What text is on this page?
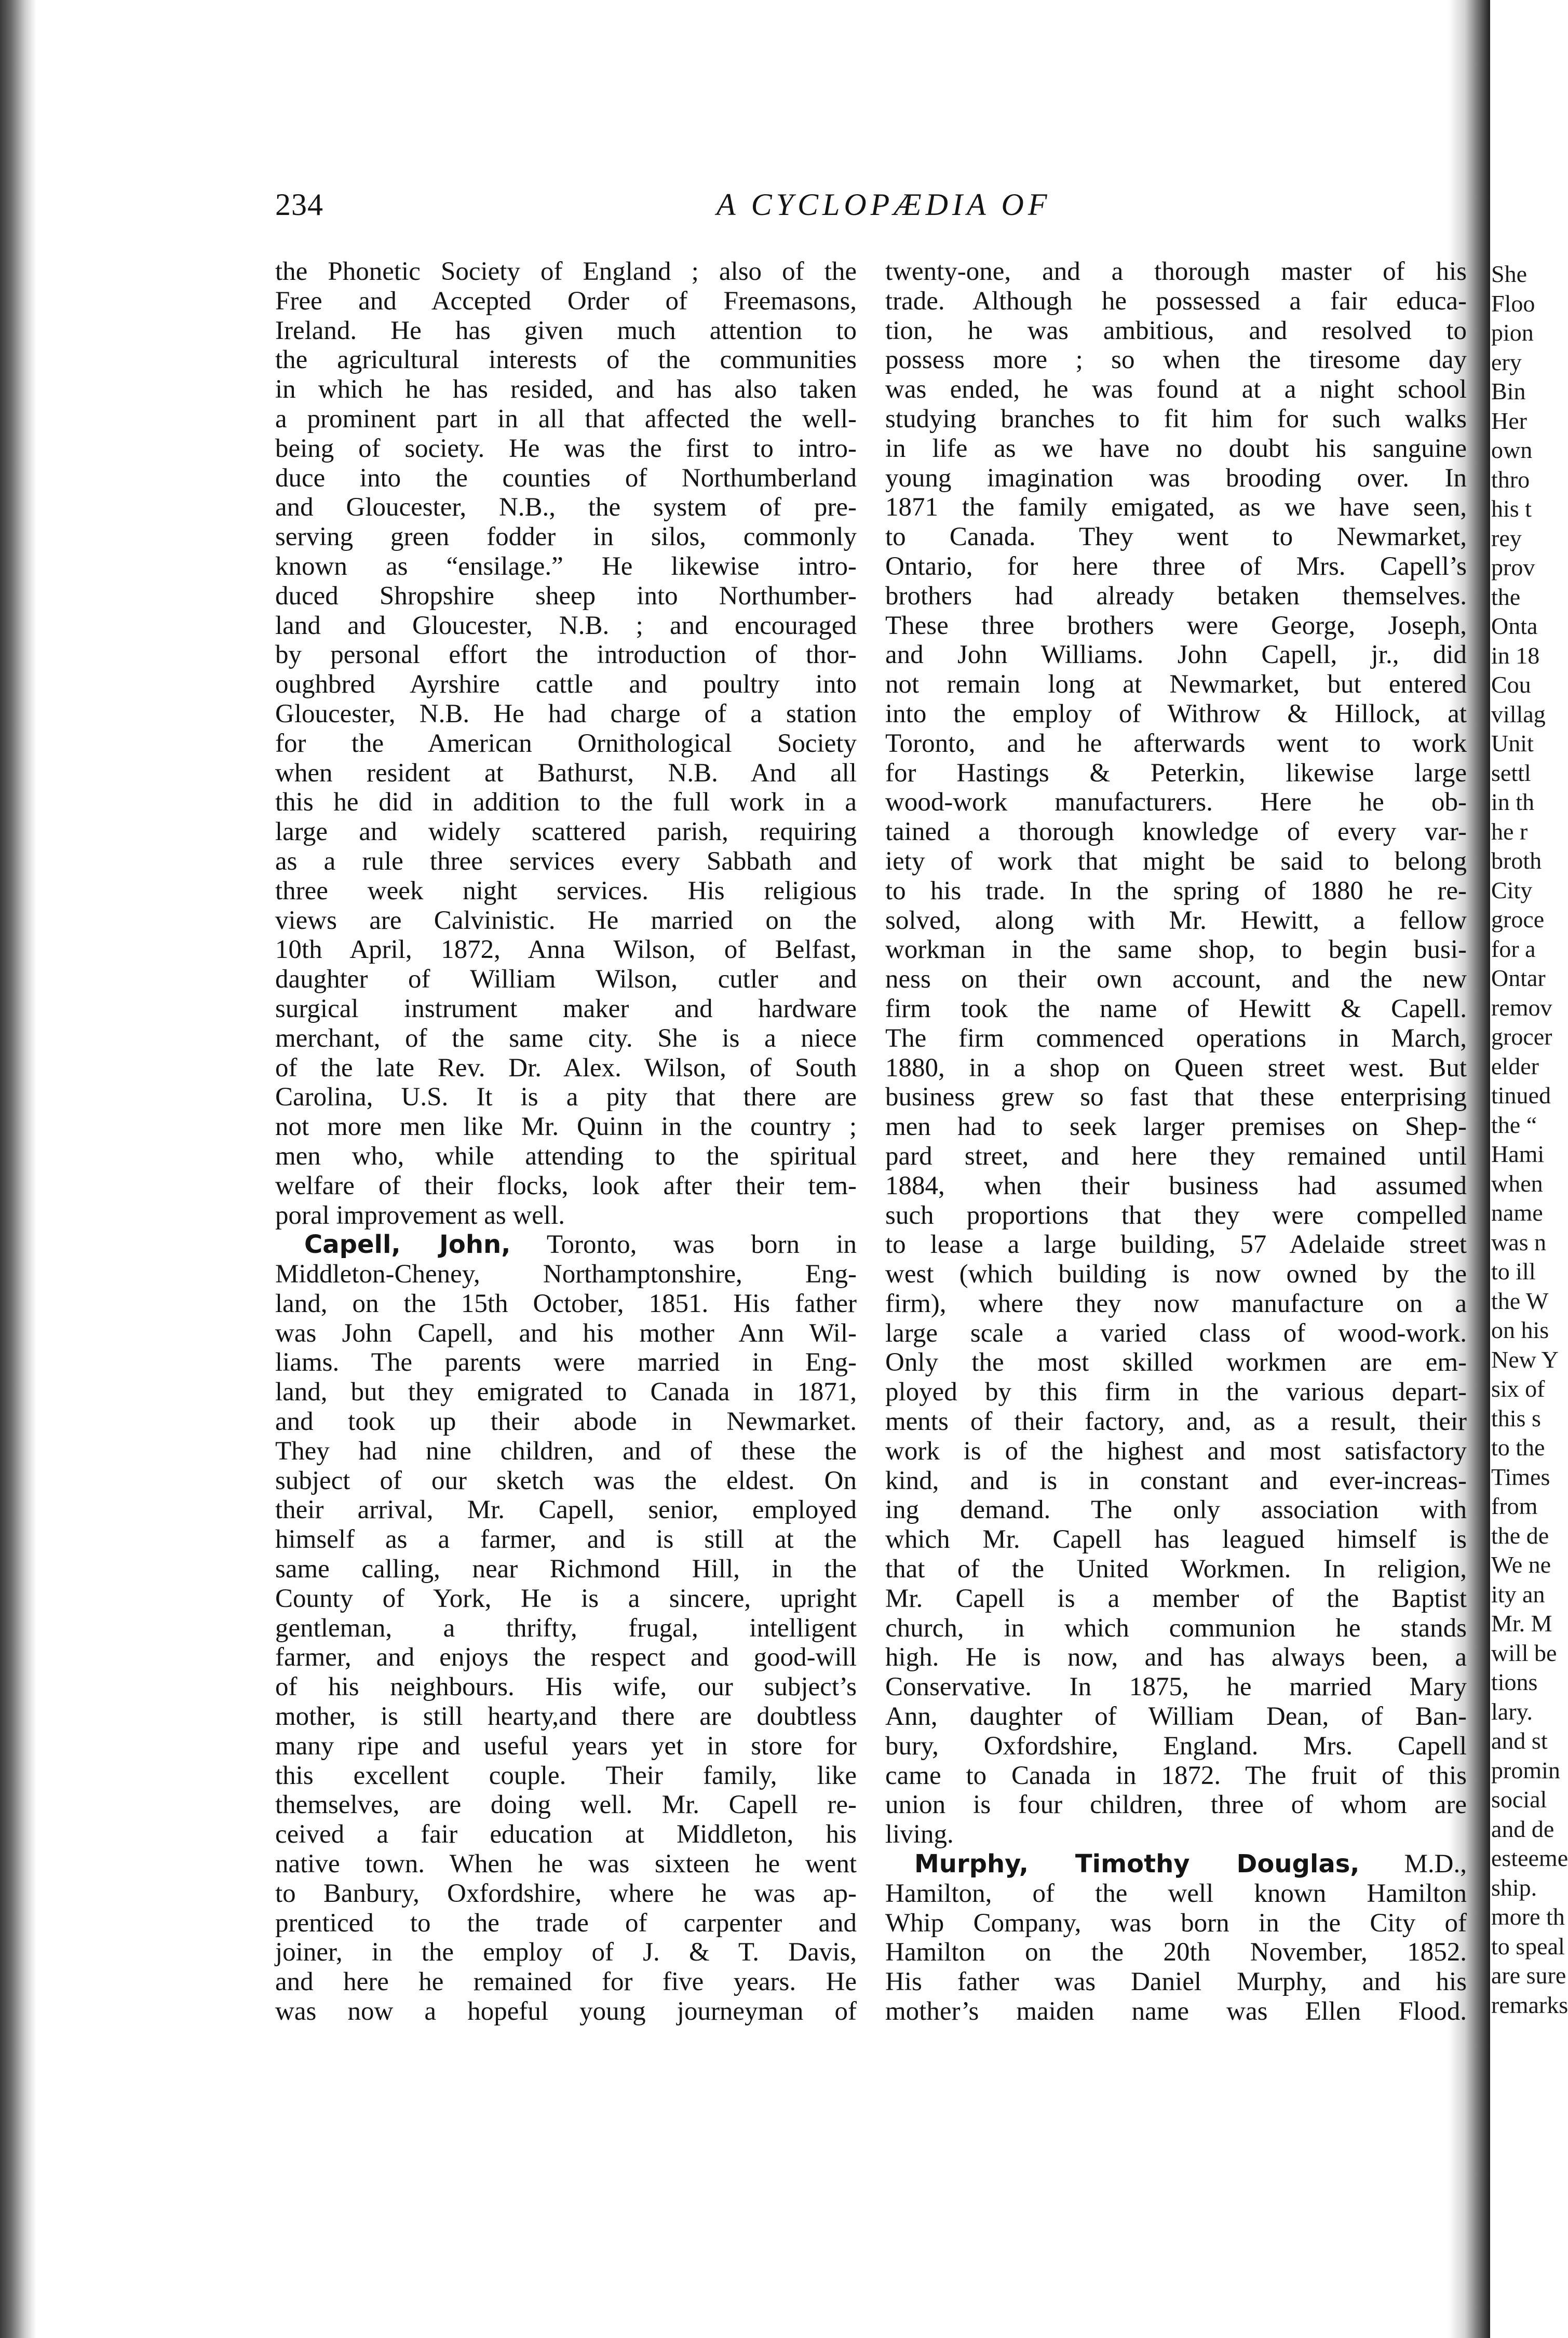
234	A CYCLOPÆDIA OF
the Phonetic Society of England ; also of the
Free and Accepted Order of Freemasons,
Ireland. He has given much attention to
the agricultural interests of the communities
in which he has resided, and has also taken
a prominent part in all that affected the well-
being of society. He was the first to intro-
duce into the counties of Northumberland
and Gloucester, N.B., the system of pre-
serving green fodder in silos, commonly
known as “ensilage.” He likewise intro-
duced Shropshire sheep into Northumber-
land and Gloucester, N.B. ; and encouraged
by personal effort the introduction of thor-
oughbred Ayrshire cattle and poultry into
Gloucester, N.B. He had charge of a station
for the American Ornithological Society
when resident at Bathurst, N.B. And all
this he did in addition to the full work in a
large and widely scattered parish, requiring
as a rule three services every Sabbath and
three week night services. His religious
views are Calvinistic. He married on the
10th April, 1872, Anna Wilson, of Belfast,
daughter of William Wilson, cutler and
surgical instrument maker and hardware
merchant, of the same city. She is a niece
of the late Rev. Dr. Alex. Wilson, of South
Carolina, U.S. It is a pity that there are
not more men like Mr. Quinn in the country ;
men who, while attending to the spiritual
welfare of their flocks, look after their tem-
poral improvement as well.
Capell, John, Toronto, was born in
Middleton-Cheney, Northamptonshire, Eng-
land, on the 15th October, 1851. His father
was John Capell, and his mother Ann Wil-
liams. The parents were married in Eng-
land, but they emigrated to Canada in 1871,
and took up their abode in Newmarket.
They had nine children, and of these the
subject of our sketch was the eldest. On
their arrival, Mr. Capell, senior, employed
himself as a farmer, and is still at the
same calling, near Richmond Hill, in the
County of York, He is a sincere, upright
gentleman, a thrifty, frugal, intelligent
farmer, and enjoys the respect and good-will
of his neighbours. His wife, our subject’s
mother, is still hearty,and there are doubtless
many ripe and useful years yet in store for
this excellent couple. Their family, like
themselves, are doing well. Mr. Capell re-
ceived a fair education at Middleton, his
native town. When he was sixteen he went
to Banbury, Oxfordshire, where he was ap-
prenticed to the trade of carpenter and
joiner, in the employ of J. & T. Davis,
and here he remained for five years. He
was now a hopeful young journeyman of
twenty-one, and a thorough master of his
trade. Although he possessed a fair educa-
tion, he was ambitious, and resolved to
possess more ; so when the tiresome day
was ended, he was found at a night school
studying branches to fit him for such walks
in life as we have no doubt his sanguine
young imagination was brooding over. In
1871 the family emigated, as we have seen,
to Canada. They went to Newmarket,
Ontario, for here three of Mrs. Capell’s
brothers had already betaken themselves.
These three brothers were George, Joseph,
and John Williams. John Capell, jr., did
not remain long at Newmarket, but entered
into the employ of Withrow & Hillock, at
Toronto, and he afterwards went to work
for Hastings & Peterkin, likewise large
wood-work manufacturers. Here he ob-
tained a thorough knowledge of every var-
iety of work that might be said to belong
to his trade. In the spring of 1880 he re-
solved, along with Mr. Hewitt, a fellow
workman in the same shop, to begin busi-
ness on their own account, and the new
firm took the name of Hewitt & Capell.
The firm commenced operations in March,
1880, in a shop on Queen street west. But
business grew so fast that these enterprising
men had to seek larger premises on Shep-
pard street, and here they remained until
1884, when their business had assumed
such proportions that they were compelled
to lease a large building, 57 Adelaide street
west (which building is now owned by the
firm), where they now manufacture on a
large scale a varied class of wood-work.
Only the most skilled workmen are em-
ployed by this firm in the various depart-
ments of their factory, and, as a result, their
work is of the highest and most satisfactory
kind, and is in constant and ever-increas-
ing demand. The only association with
which Mr. Capell has leagued himself is
that of the United Workmen. In religion,
Mr. Capell is a member of the Baptist
church, in which communion he stands
high. He is now, and has always been, a
Conservative. In 1875, he married Mary
Ann, daughter of William Dean, of Ban-
bury, Oxfordshire, England. Mrs. Capell
came to Canada in 1872. The fruit of this
union is four children, three of whom are
living.
Murphy, Timothy Douglas, M.D.,
Hamilton, of the well known Hamilton
Whip Company, was born in the City of
Hamilton on the 20th November, 1852.
His father was Daniel Murphy, and his
mother’s maiden name was Ellen Flood.
She
Floo
pion
ery
Bin
Her
own
thro
his t
rey
prov
the
Onta
in 18
Cou
villag
Unit
settl
in th
he r
broth
City
groce
for a
Ontar
remov
grocer
elder
tinued
the “
Hami
when
name
was n
to ill
the W
on his
New Y
six of
this s
to the
Times
from
the de
We ne
ity an
Mr. M
will be
tions
lary.
and st
promin
social
and de
esteeme
ship.
more th
to speal
are sure
remarks
